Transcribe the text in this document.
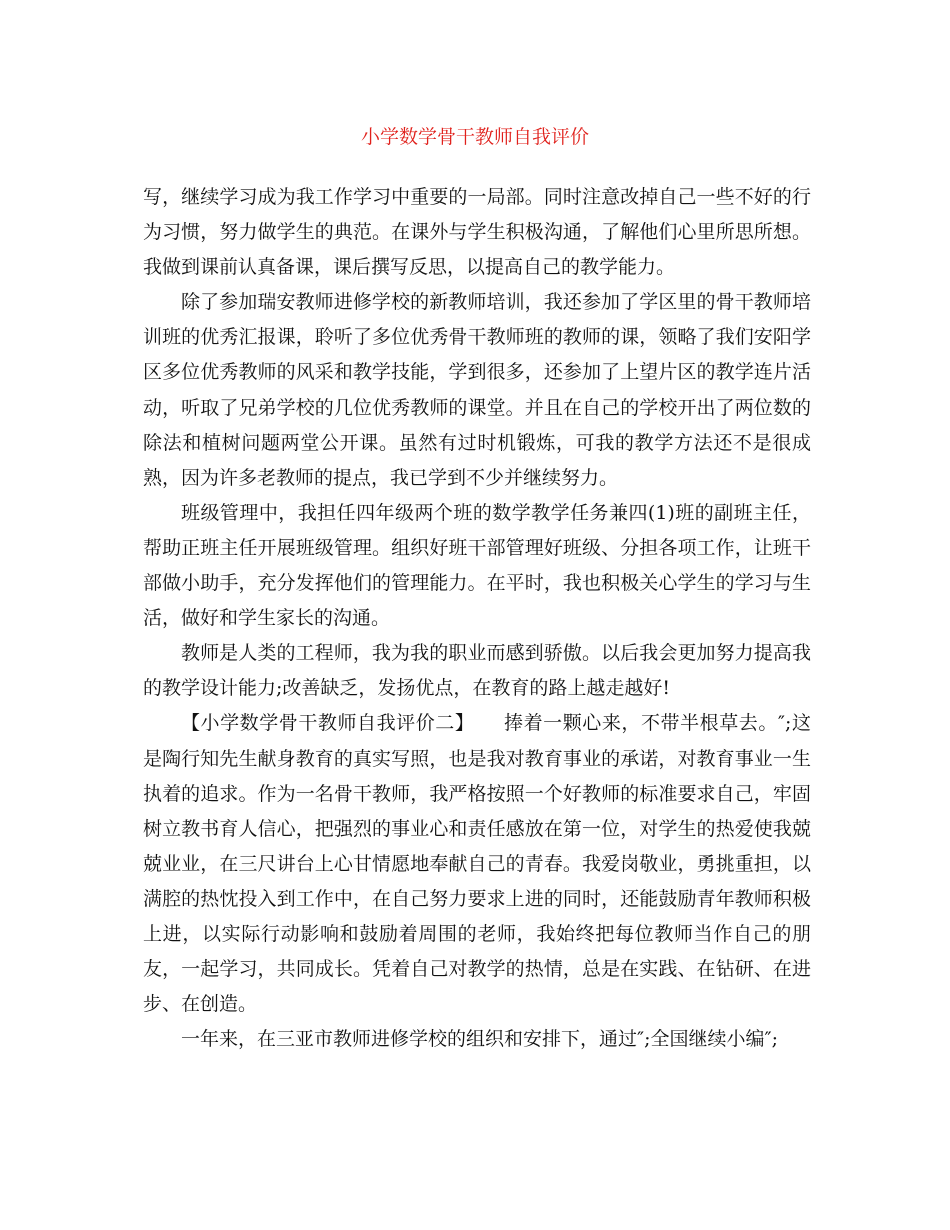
小学数学骨干教师自我评价

写，继续学习成为我工作学习中重要的一局部。同时注意改掉自己一些不好的行为习惯，努力做学生的典范。在课外与学生积极沟通，了解他们心里所思所想。我做到课前认真备课，课后撰写反思，以提高自己的教学能力。

除了参加瑞安教师进修学校的新教师培训，我还参加了学区里的骨干教师培训班的优秀汇报课，聆听了多位优秀骨干教师班的教师的课，领略了我们安阳学区多位优秀教师的风采和教学技能，学到很多，还参加了上望片区的教学连片活动，听取了兄弟学校的几位优秀教师的课堂。并且在自己的学校开出了两位数的除法和植树问题两堂公开课。虽然有过时机锻炼，可我的教学方法还不是很成熟，因为许多老教师的提点，我已学到不少并继续努力。

班级管理中，我担任四年级两个班的数学教学任务兼四(1)班的副班主任，帮助正班主任开展班级管理。组织好班干部管理好班级、分担各项工作，让班干部做小助手，充分发挥他们的管理能力。在平时，我也积极关心学生的学习与生活，做好和学生家长的沟通。

教师是人类的工程师，我为我的职业而感到骄傲。以后我会更加努力提高我的教学设计能力;改善缺乏，发扬优点，在教育的路上越走越好!

【小学数学骨干教师自我评价二】　　捧着一颗心来，不带半根草去。″;这是陶行知先生献身教育的真实写照，也是我对教育事业的承诺，对教育事业一生执着的追求。作为一名骨干教师，我严格按照一个好教师的标准要求自己，牢固树立教书育人信心，把强烈的事业心和责任感放在第一位，对学生的热爱使我兢兢业业，在三尺讲台上心甘情愿地奉献自己的青春。我爱岗敬业，勇挑重担，以满腔的热忱投入到工作中，在自己努力要求上进的同时，还能鼓励青年教师积极上进，以实际行动影响和鼓励着周围的老师，我始终把每位教师当作自己的朋友，一起学习，共同成长。凭着自己对教学的热情，总是在实践、在钻研、在进步、在创造。

一年来，在三亚市教师进修学校的组织和安排下，通过″;全国继续小编″;
